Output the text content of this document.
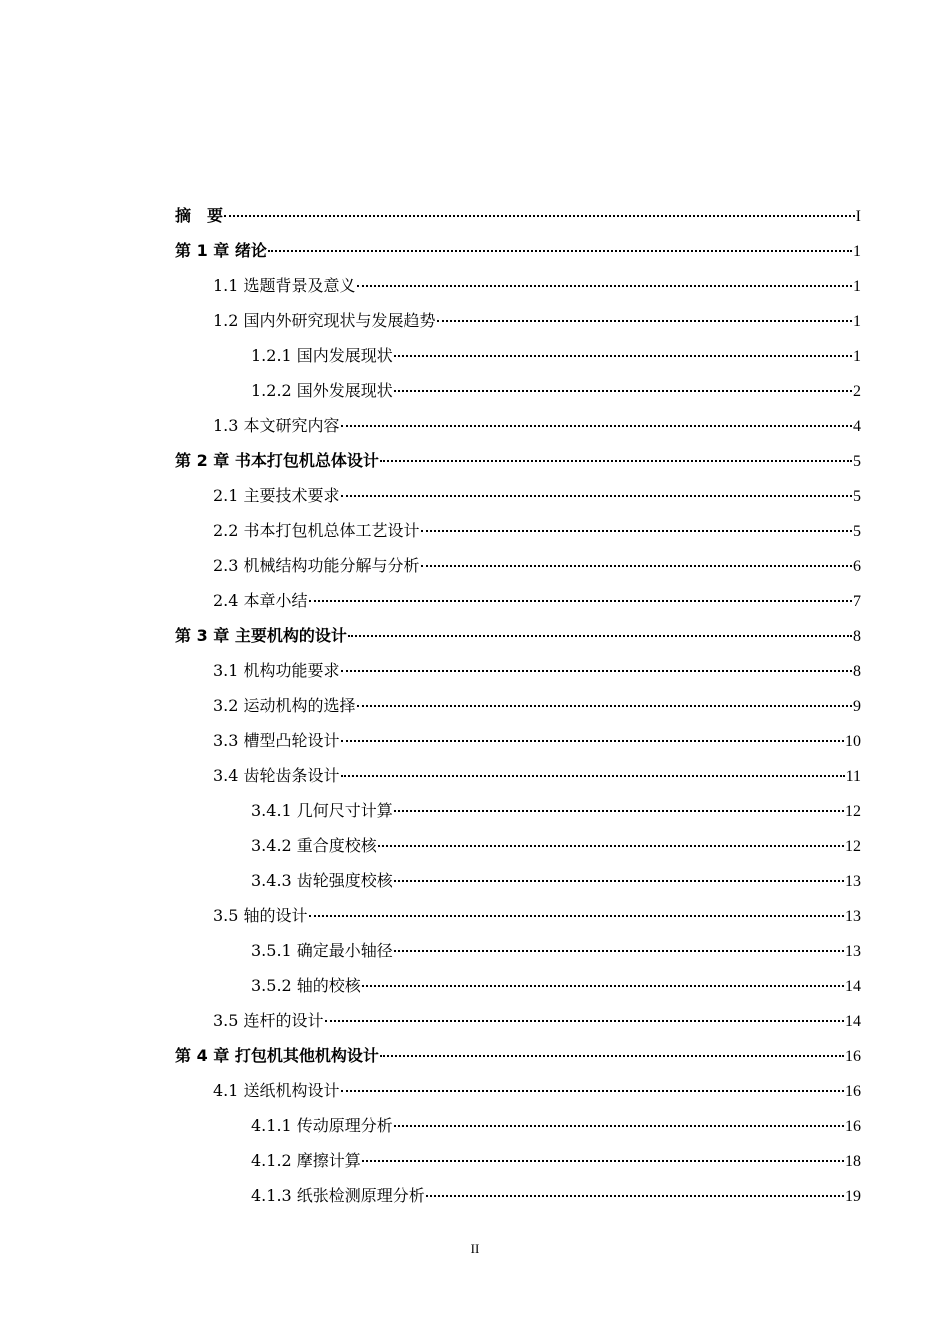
摘　要	I
第 1 章 绪论	1
1.1 选题背景及意义	1
1.2 国内外研究现状与发展趋势	1
1.2.1 国内发展现状	1
1.2.2 国外发展现状	2
1.3 本文研究内容	4
第 2 章 书本打包机总体设计	5
2.1 主要技术要求	5
2.2 书本打包机总体工艺设计	5
2.3 机械结构功能分解与分析	6
2.4 本章小结	7
第 3 章 主要机构的设计	8
3.1 机构功能要求	8
3.2 运动机构的选择	9
3.3 槽型凸轮设计	10
3.4 齿轮齿条设计	11
3.4.1 几何尺寸计算	12
3.4.2 重合度校核	12
3.4.3 齿轮强度校核	13
3.5 轴的设计	13
3.5.1 确定最小轴径	13
3.5.2 轴的校核	14
3.5 连杆的设计	14
第 4 章 打包机其他机构设计	16
4.1 送纸机构设计	16
4.1.1 传动原理分析	16
4.1.2 摩擦计算	18
4.1.3 纸张检测原理分析	19
II
